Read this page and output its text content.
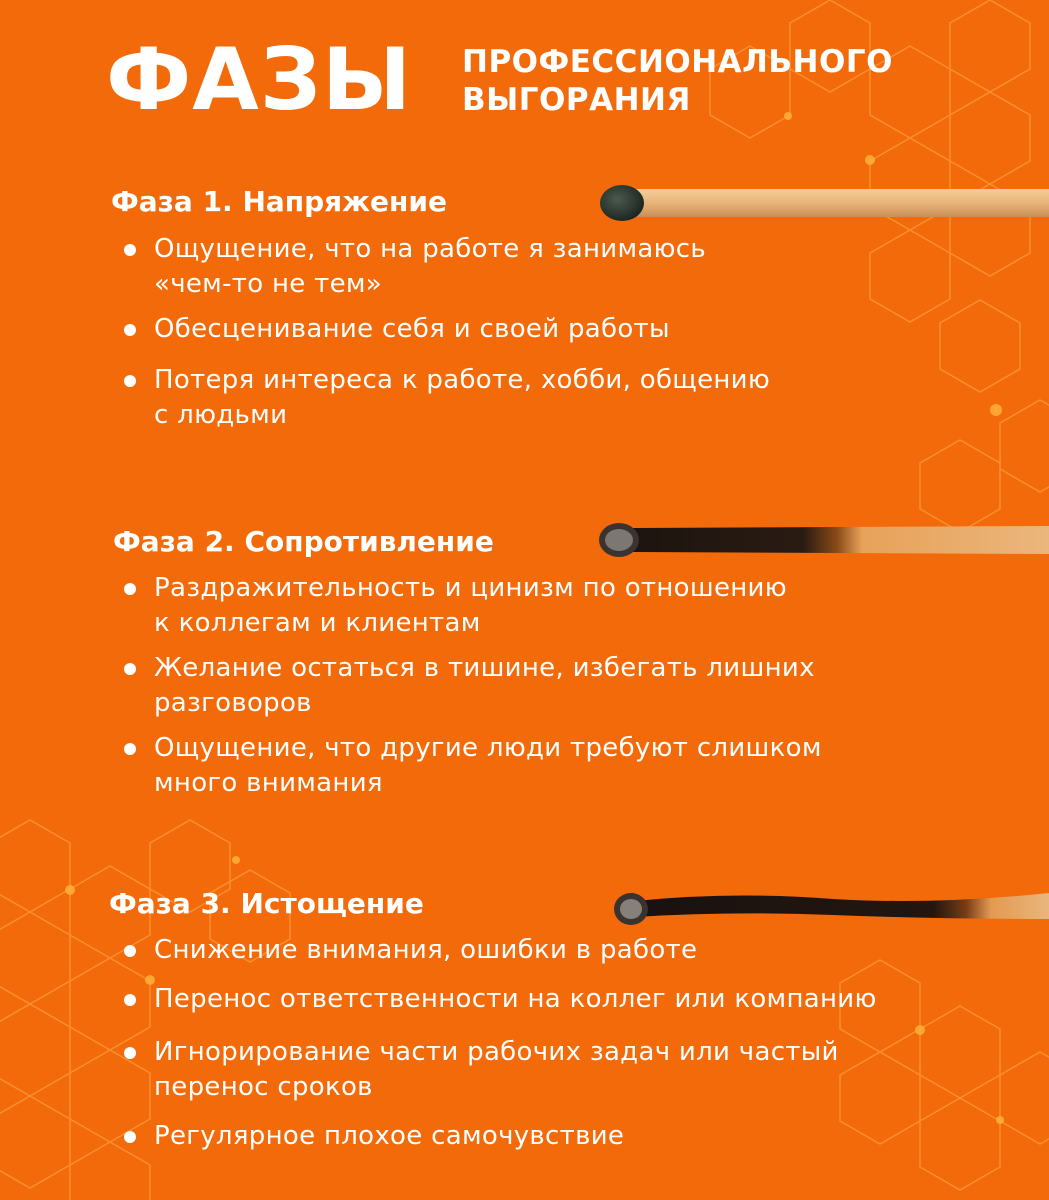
ФАЗЫ ПРОФЕССИОНАЛЬНОГО
ВЫГОРАНИЯ
Фаза 1. Напряжение
Ощущение, что на работе я занимаюсь
«чем-то не тем»
Обесценивание себя и своей работы
Потеря интереса к работе, хобби, общению
с людьми
Фаза 2. Сопротивление
Раздражительность и цинизм по отношению
к коллегам и клиентам
Желание остаться в тишине, избегать лишних
разговоров
Ощущение, что другие люди требуют слишком
много внимания
Фаза 3. Истощение
Снижение внимания, ошибки в работе
Перенос ответственности на коллег или компанию
Игнорирование части рабочих задач или частый
перенос сроков
Регулярное плохое самочувствие
